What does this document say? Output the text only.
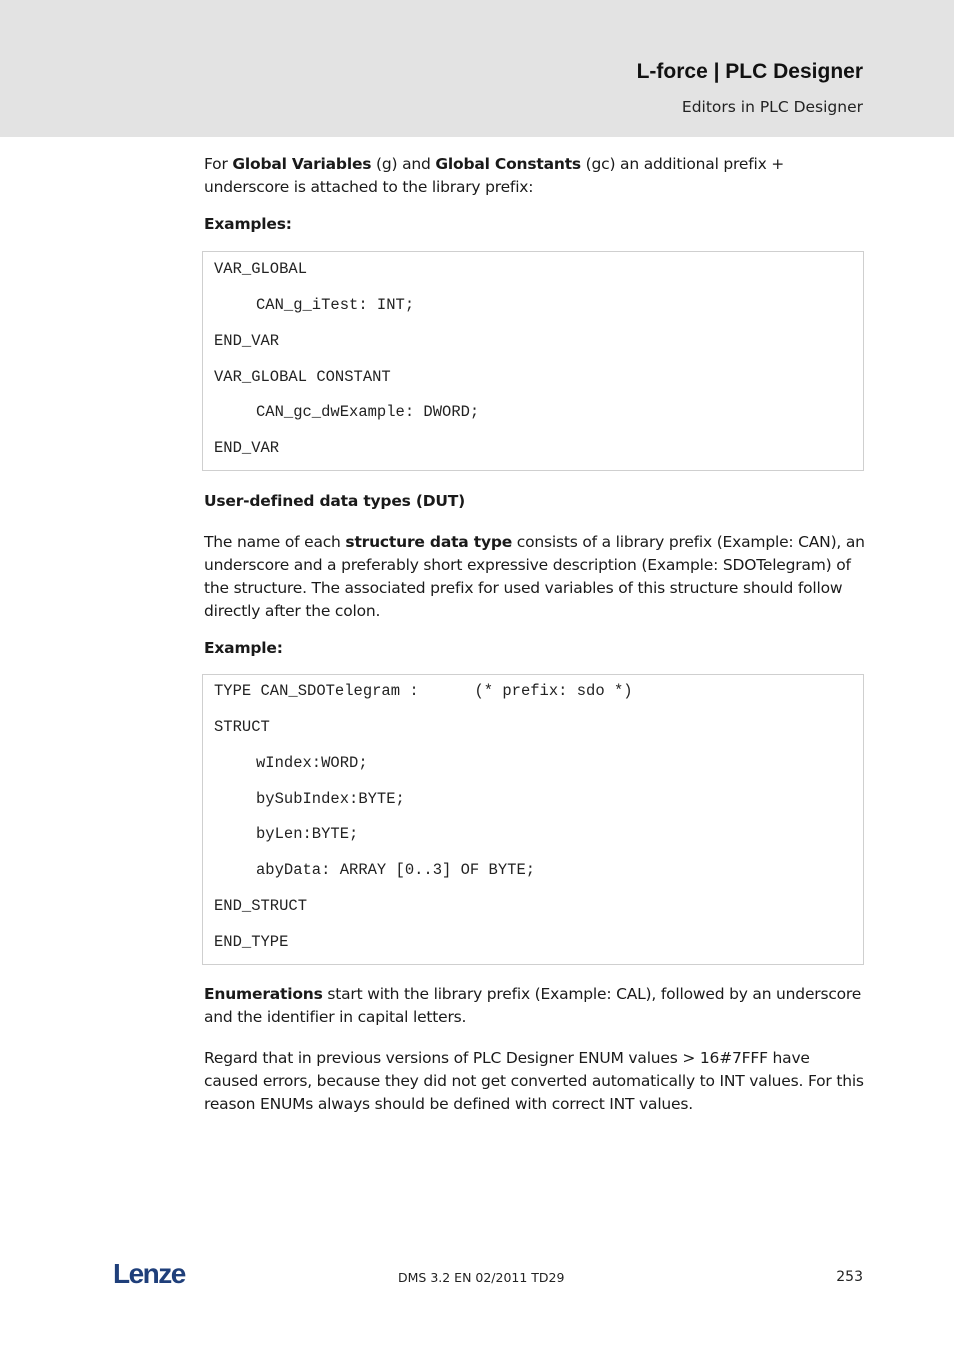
L-force | PLC Designer
Editors in PLC Designer

For Global Variables (g) and Global Constants (gc) an additional prefix + underscore is attached to the library prefix:

Examples:

VAR_GLOBAL
CAN_g_iTest: INT;
END_VAR
VAR_GLOBAL CONSTANT
CAN_gc_dwExample: DWORD;
END_VAR

User-defined data types (DUT)

The name of each structure data type consists of a library prefix (Example: CAN), an underscore and a preferably short expressive description (Example: SDOTelegram) of the structure. The associated prefix for used variables of this structure should follow directly after the colon.

Example:

TYPE CAN_SDOTelegram :      (* prefix: sdo *)
STRUCT
wIndex:WORD;
bySubIndex:BYTE;
byLen:BYTE;
abyData: ARRAY [0..3] OF BYTE;
END_STRUCT
END_TYPE

Enumerations start with the library prefix (Example: CAL), followed by an underscore and the identifier in capital letters.

Regard that in previous versions of PLC Designer ENUM values > 16#7FFF have caused errors, because they did not get converted automatically to INT values. For this reason ENUMs always should be defined with correct INT values.

Lenze	DMS 3.2 EN 02/2011 TD29	253
